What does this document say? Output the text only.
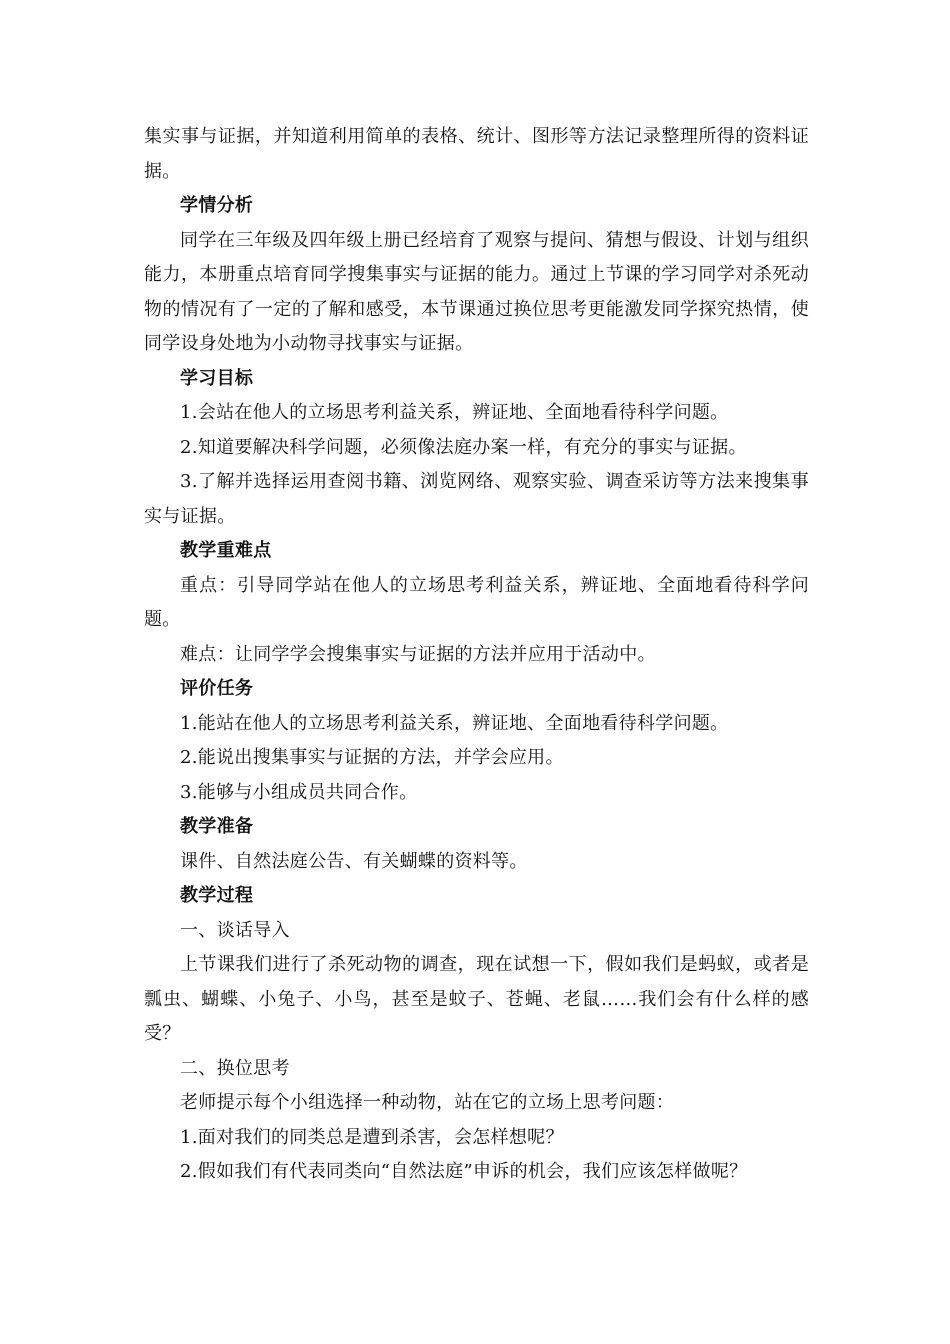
集实事与证据，并知道利用简单的表格、统计、图形等方法记录整理所得的资料证据。

学情分析

同学在三年级及四年级上册已经培育了观察与提问、猜想与假设、计划与组织能力，本册重点培育同学搜集事实与证据的能力。通过上节课的学习同学对杀死动物的情况有了一定的了解和感受，本节课通过换位思考更能激发同学探究热情，使同学设身处地为小动物寻找事实与证据。

学习目标

1.会站在他人的立场思考利益关系，辨证地、全面地看待科学问题。

2.知道要解决科学问题，必须像法庭办案一样，有充分的事实与证据。

3.了解并选择运用查阅书籍、浏览网络、观察实验、调查采访等方法来搜集事实与证据。

教学重难点

重点：引导同学站在他人的立场思考利益关系，辨证地、全面地看待科学问题。

难点：让同学学会搜集事实与证据的方法并应用于活动中。

评价任务

1.能站在他人的立场思考利益关系，辨证地、全面地看待科学问题。

2.能说出搜集事实与证据的方法，并学会应用。

3.能够与小组成员共同合作。

教学准备

课件、自然法庭公告、有关蝴蝶的资料等。

教学过程

一、谈话导入

上节课我们进行了杀死动物的调查，现在试想一下，假如我们是蚂蚁，或者是瓢虫、蝴蝶、小兔子、小鸟，甚至是蚊子、苍蝇、老鼠……我们会有什么样的感受？

二、换位思考

老师提示每个小组选择一种动物，站在它的立场上思考问题：

1.面对我们的同类总是遭到杀害，会怎样想呢？

2.假如我们有代表同类向“自然法庭”申诉的机会，我们应该怎样做呢？
